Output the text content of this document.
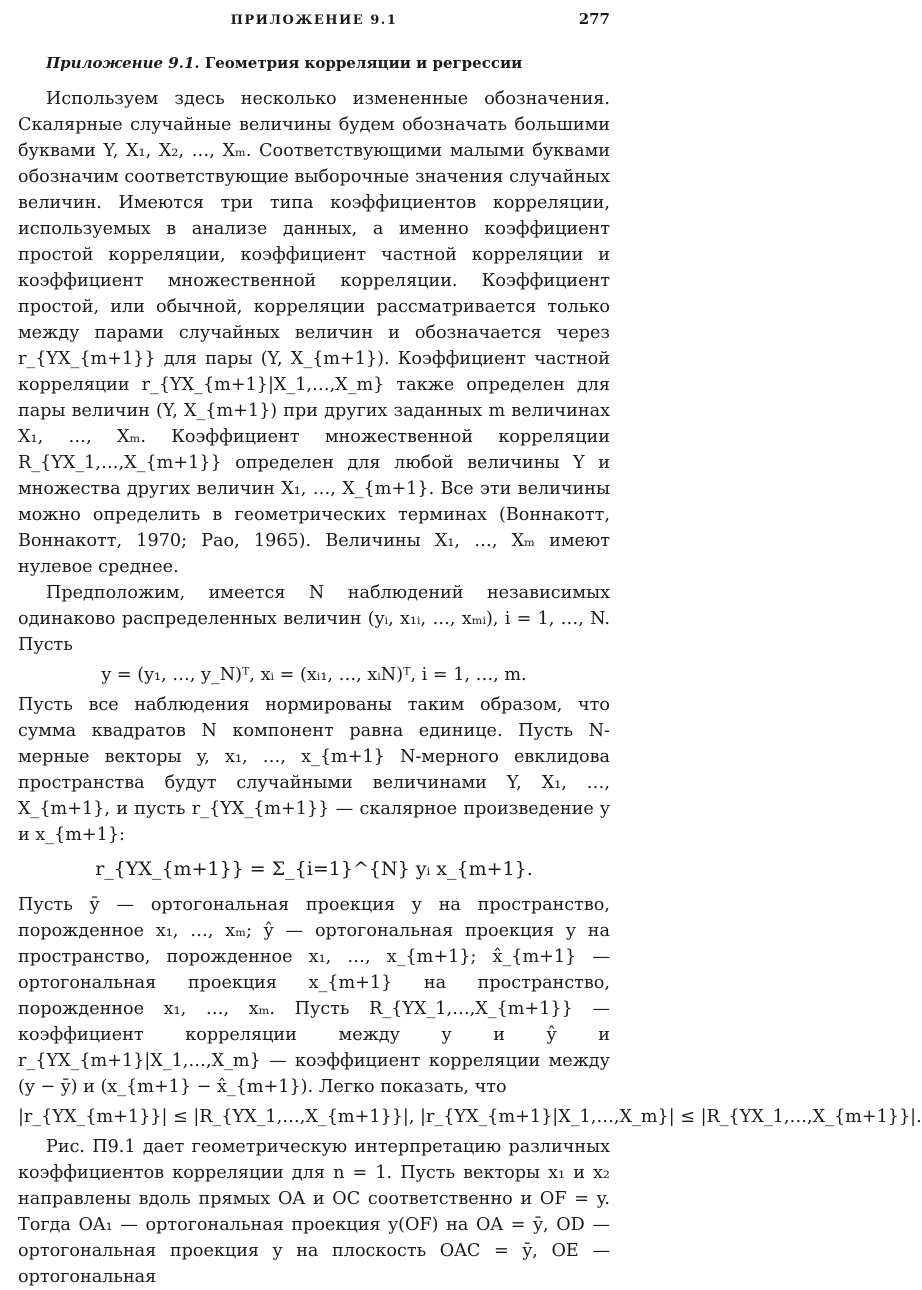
ПРИЛОЖЕНИЕ 9.1	277
Приложение 9.1. Геометрия корреляции и регрессии

Используем здесь несколько измененные обозначения. Скалярные случайные величины будем обозначать большими буквами Y, X₁, X₂, …, Xₘ. Соответствующими малыми буквами обозначим соответствующие выборочные значения случайных величин. Имеются три типа коэффициентов корреляции, используемых в анализе данных, а именно коэффициент простой корреляции, коэффициент частной корреляции и коэффициент множественной корреляции. Коэффициент простой, или обычной, корреляции рассматривается только между парами случайных величин и обозначается через r_{YX_{m+1}} для пары (Y, X_{m+1}). Коэффициент частной корреляции r_{YX_{m+1}|X_1,…,X_m} также определен для пары величин (Y, X_{m+1}) при других заданных m величинах X₁, …, Xₘ. Коэффициент множественной корреляции R_{YX_1,…,X_{m+1}} определен для любой величины Y и множества других величин X₁, …, X_{m+1}. Все эти величины можно определить в геометрических терминах (Воннакотт, Воннакотт, 1970; Рао, 1965). Величины X₁, …, Xₘ имеют нулевое среднее.

Предположим, имеется N наблюдений независимых одинаково распределенных величин (yᵢ, x₁ᵢ, …, xₘᵢ), i = 1, …, N. Пусть

y = (y₁, …, y_N)ᵀ, xᵢ = (xᵢ₁, …, xᵢN)ᵀ, i = 1, …, m.

Пусть все наблюдения нормированы таким образом, что сумма квадратов N компонент равна единице. Пусть N-мерные векторы y, x₁, …, x_{m+1} N-мерного евклидова пространства будут случайными величинами Y, X₁, …, X_{m+1}, и пусть r_{YX_{m+1}} — скалярное произведение y и x_{m+1}:

r_{YX_{m+1}} = Σ_{i=1}^{N} yᵢ x_{m+1}.

Пусть ȳ — ортогональная проекция y на пространство, порожденное x₁, …, xₘ; ŷ — ортогональная проекция y на пространство, порожденное x₁, …, x_{m+1}; x̂_{m+1} — ортогональная проекция x_{m+1} на пространство, порожденное x₁, …, xₘ. Пусть R_{YX_1,…,X_{m+1}} — коэффициент корреляции между y и ŷ и r_{YX_{m+1}|X_1,…,X_m} — коэффициент корреляции между (y − ȳ) и (x_{m+1} − x̂_{m+1}). Легко показать, что

|r_{YX_{m+1}}| ≤ |R_{YX_1,…,X_{m+1}}|, |r_{YX_{m+1}|X_1,…,X_m}| ≤ |R_{YX_1,…,X_{m+1}}|.

Рис. П9.1 дает геометрическую интерпретацию различных коэффициентов корреляции для n = 1. Пусть векторы x₁ и x₂ направлены вдоль прямых OA и OC соответственно и OF = y. Тогда OA₁ — ортогональная проекция y(OF) на OA = ȳ, OD — ортогональная проекция y на плоскость OAC = ȳ, OE — ортогональная
